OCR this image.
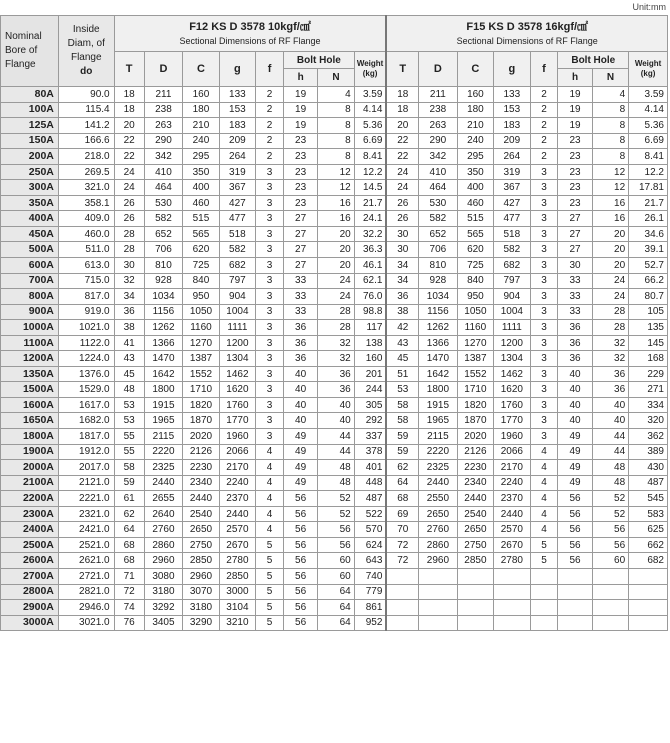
Unit:mm
Nominal Bore of Flange	Inside Diam, of Flange
do	F12 KS D 3578 10kgf/㎠
Sectional Dimensions of RF Flange								F15 KS D 3578 16kgf/㎠
Sectional Dimensions of RF Flange							

		T	D	C	g	f	Bolt Hole		Weight (kg)	T	D	C	g	f	Bolt Hole		Weight (kg)
							h	N							h	N	
80A	90.0	18	211	160	133	2	19	4	3.59	18	211	160	133	2	19	4	3.59
100A	115.4	18	238	180	153	2	19	8	4.14	18	238	180	153	2	19	8	4.14
125A	141.2	20	263	210	183	2	19	8	5.36	20	263	210	183	2	19	8	5.36
150A	166.6	22	290	240	209	2	23	8	6.69	22	290	240	209	2	23	8	6.69
200A	218.0	22	342	295	264	2	23	8	8.41	22	342	295	264	2	23	8	8.41
250A	269.5	24	410	350	319	3	23	12	12.2	24	410	350	319	3	23	12	12.2
300A	321.0	24	464	400	367	3	23	12	14.5	24	464	400	367	3	23	12	17.81
350A	358.1	26	530	460	427	3	23	16	21.7	26	530	460	427	3	23	16	21.7
400A	409.0	26	582	515	477	3	27	16	24.1	26	582	515	477	3	27	16	26.1
450A	460.0	28	652	565	518	3	27	20	32.2	30	652	565	518	3	27	20	34.6
500A	511.0	28	706	620	582	3	27	20	36.3	30	706	620	582	3	27	20	39.1
600A	613.0	30	810	725	682	3	27	20	46.1	34	810	725	682	3	30	20	52.7
700A	715.0	32	928	840	797	3	33	24	62.1	34	928	840	797	3	33	24	66.2
800A	817.0	34	1034	950	904	3	33	24	76.0	36	1034	950	904	3	33	24	80.7
900A	919.0	36	1156	1050	1004	3	33	28	98.8	38	1156	1050	1004	3	33	28	105
1000A	1021.0	38	1262	1160	1111	3	36	28	117	42	1262	1160	1111	3	36	28	135
1100A	1122.0	41	1366	1270	1200	3	36	32	138	43	1366	1270	1200	3	36	32	145
1200A	1224.0	43	1470	1387	1304	3	36	32	160	45	1470	1387	1304	3	36	32	168
1350A	1376.0	45	1642	1552	1462	3	40	36	201	51	1642	1552	1462	3	40	36	229
1500A	1529.0	48	1800	1710	1620	3	40	36	244	53	1800	1710	1620	3	40	36	271
1600A	1617.0	53	1915	1820	1760	3	40	40	305	58	1915	1820	1760	3	40	40	334
1650A	1682.0	53	1965	1870	1770	3	40	40	292	58	1965	1870	1770	3	40	40	320
1800A	1817.0	55	2115	2020	1960	3	49	44	337	59	2115	2020	1960	3	49	44	362
1900A	1912.0	55	2220	2126	2066	4	49	44	378	59	2220	2126	2066	4	49	44	389
2000A	2017.0	58	2325	2230	2170	4	49	48	401	62	2325	2230	2170	4	49	48	430
2100A	2121.0	59	2440	2340	2240	4	49	48	448	64	2440	2340	2240	4	49	48	487
2200A	2221.0	61	2655	2440	2370	4	56	52	487	68	2550	2440	2370	4	56	52	545
2300A	2321.0	62	2640	2540	2440	4	56	52	522	69	2650	2540	2440	4	56	52	583
2400A	2421.0	64	2760	2650	2570	4	56	56	570	70	2760	2650	2570	4	56	56	625
2500A	2521.0	68	2860	2750	2670	5	56	56	624	72	2860	2750	2670	5	56	56	662
2600A	2621.0	68	2960	2850	2780	5	56	60	643	72	2960	2850	2780	5	56	60	682
2700A	2721.0	71	3080	2960	2850	5	56	60	740								
2800A	2821.0	72	3180	3070	3000	5	56	64	779								
2900A	2946.0	74	3292	3180	3104	5	56	64	861								
3000A	3021.0	76	3405	3290	3210	5	56	64	952								
